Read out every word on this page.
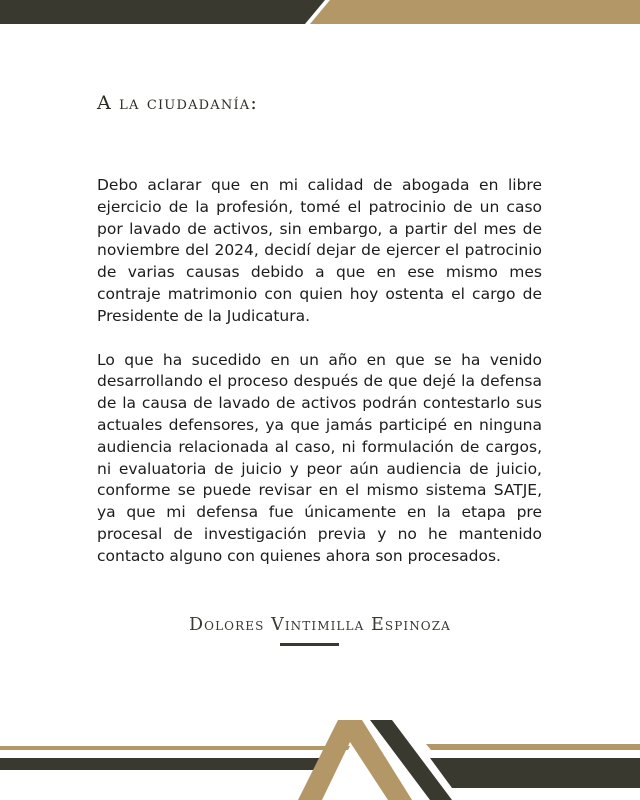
A la ciudadanía:

Debo aclarar que en mi calidad de abogada en libre ejercicio de la profesión, tomé el patrocinio de un caso por lavado de activos, sin embargo, a partir del mes de noviembre del 2024, decidí dejar de ejercer el patrocinio de varias causas debido a que en ese mismo mes contraje matrimonio con quien hoy ostenta el cargo de Presidente de la Judicatura.

Lo que ha sucedido en un año en que se ha venido desarrollando el proceso después de que dejé la defensa de la causa de lavado de activos podrán contestarlo sus actuales defensores, ya que jamás participé en ninguna audiencia relacionada al caso, ni formulación de cargos, ni evaluatoria de juicio y peor aún audiencia de juicio, conforme se puede revisar en el mismo sistema SATJE, ya que mi defensa fue únicamente en la etapa pre procesal de investigación previa y no he mantenido contacto alguno con quienes ahora son procesados.

Dolores Vintimilla Espinoza
